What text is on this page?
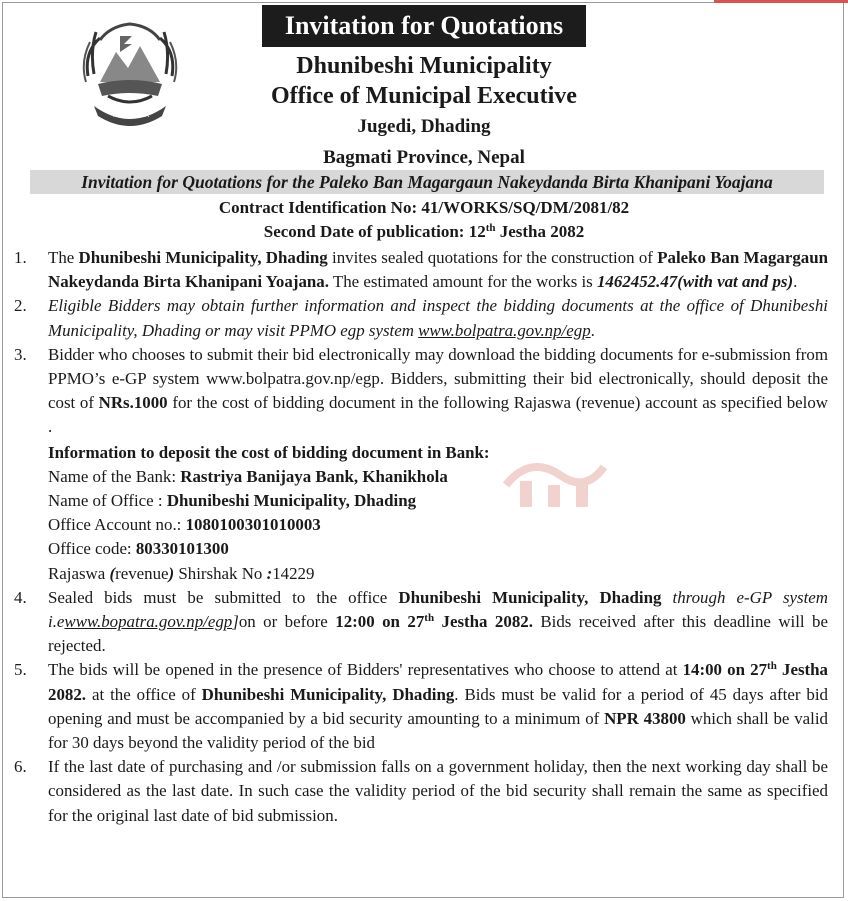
नेपाल सरकार
Invitation for Quotations
Dhunibeshi Municipality
Office of Municipal Executive
Jugedi, Dhading
Bagmati Province, Nepal
Invitation for Quotations for the Paleko Ban Magargaun Nakeydanda Birta Khanipani Yoajana
Contract Identification No: 41/WORKS/SQ/DM/2081/82
Second Date of publication: 12th Jestha 2082
1. The Dhunibeshi Municipality, Dhading invites sealed quotations for the construction of Paleko Ban Magargaun Nakeydanda Birta Khanipani Yoajana. The estimated amount for the works is 1462452.47(with vat and ps).
2. Eligible Bidders may obtain further information and inspect the bidding documents at the office of Dhunibeshi Municipality, Dhading or may visit PPMO egp system www.bolpatra.gov.np/egp.
3. Bidder who chooses to submit their bid electronically may download the bidding documents for e-submission from PPMO’s e-GP system www.bolpatra.gov.np/egp. Bidders, submitting their bid electronically, should deposit the cost of NRs.1000 for the cost of bidding document in the following Rajaswa (revenue) account as specified below .
Information to deposit the cost of bidding document in Bank:
Name of the Bank: Rastriya Banijaya Bank, Khanikhola
Name of Office : Dhunibeshi Municipality, Dhading
Office Account no.: 1080100301010003
Office code: 80330101300
Rajaswa (revenue) Shirshak No :14229
4. Sealed bids must be submitted to the office Dhunibeshi Municipality, Dhading through e-GP system i.ewww.bopatra.gov.np/egp]on or before 12:00 on 27th Jestha 2082. Bids received after this deadline will be rejected.
5. The bids will be opened in the presence of Bidders' representatives who choose to attend at 14:00 on 27th Jestha 2082. at the office of Dhunibeshi Municipality, Dhading. Bids must be valid for a period of 45 days after bid opening and must be accompanied by a bid security amounting to a minimum of NPR 43800 which shall be valid for 30 days beyond the validity period of the bid
6. If the last date of purchasing and /or submission falls on a government holiday, then the next working day shall be considered as the last date. In such case the validity period of the bid security shall remain the same as specified for the original last date of bid submission.
